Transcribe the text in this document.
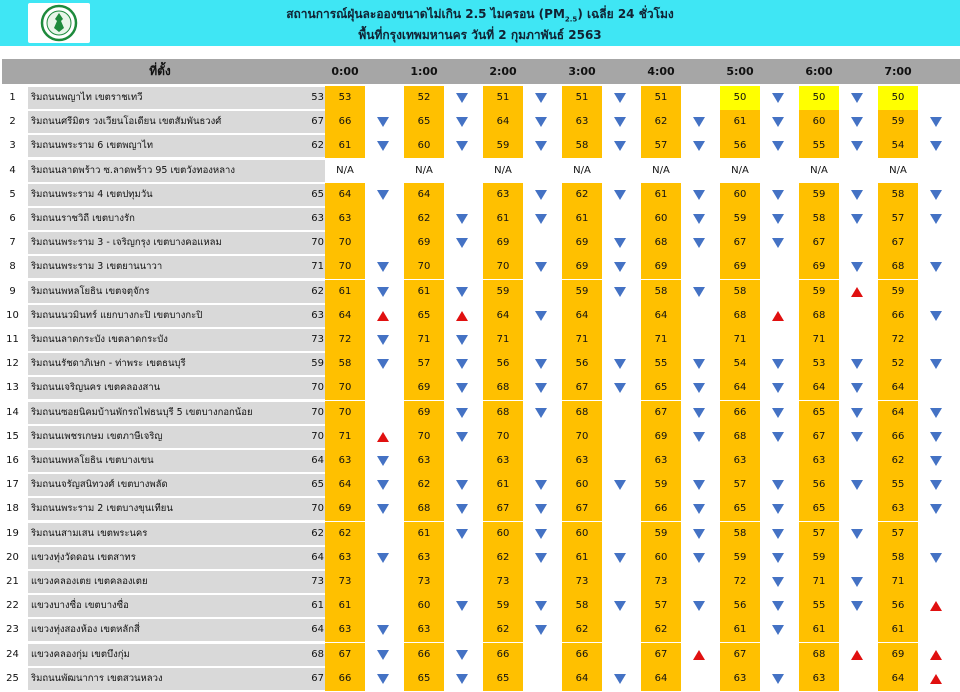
สถานการณ์ฝุ่นละอองขนาดไม่เกิน 2.5 ไมครอน $(PM_{2.5})$ เฉลี่ย 24 ชั่วโมง
พื้นที่กรุงเทพมหานคร วันที่ 2 กุมภาพันธ์ 2563
ที่ตั้ง	0:00	1:00	2:00	3:00	4:00	5:00	6:00	7:00
1	ริมถนนพญาไท เขตราชเทวี	53	53	52	51	51	51	50	50	50
2	ริมถนนศรีมิตร วงเวียนโอเดียน เขตสัมพันธวงศ์	67	66	65	64	63	62	61	60	59
3	ริมถนนพระราม 6 เขตพญาไท	62	61	60	59	58	57	56	55	54
4	ริมถนนลาดพร้าว ซ.ลาดพร้าว 95 เขตวังทองหลาง	N/A	N/A	N/A	N/A	N/A	N/A	N/A	N/A
5	ริมถนนพระราม 4 เขตปทุมวัน	65	64	64	63	62	61	60	59	58
6	ริมถนนราชวิถี เขตบางรัก	63	63	62	61	61	60	59	58	57
7	ริมถนนพระราม 3 - เจริญกรุง เขตบางคอแหลม	70	70	69	69	69	68	67	67	67
8	ริมถนนพระราม 3 เขตยานนาวา	71	70	70	70	69	69	69	69	68
9	ริมถนนพหลโยธิน เขตจตุจักร	62	61	61	59	59	58	58	59	59
10	ริมถนนนวมินทร์ แยกบางกะปิ เขตบางกะปิ	63	64	65	64	64	64	68	68	66
11	ริมถนนลาดกระบัง เขตลาดกระบัง	73	72	71	71	71	71	71	71	72
12	ริมถนนรัชดาภิเษก - ท่าพระ เขตธนบุรี	59	58	57	56	56	55	54	53	52
13	ริมถนนเจริญนคร เขตคลองสาน	70	70	69	68	67	65	64	64	64
14	ริมถนนซอยนิคมบ้านพักรถไฟธนบุรี 5 เขตบางกอกน้อย	70	70	69	68	68	67	66	65	64
15	ริมถนนเพชรเกษม เขตภาษีเจริญ	70	71	70	70	70	69	68	67	66
16	ริมถนนพหลโยธิน เขตบางเขน	64	63	63	63	63	63	63	63	62
17	ริมถนนจรัญสนิทวงศ์ เขตบางพลัด	65	64	62	61	60	59	57	56	55
18	ริมถนนพระราม 2 เขตบางขุนเทียน	70	69	68	67	67	66	65	65	63
19	ริมถนนสามเสน เขตพระนคร	62	62	61	60	60	59	58	57	57
20	แขวงทุ่งวัดดอน เขตสาทร	64	63	63	62	61	60	59	59	58
21	แขวงคลองเตย เขตคลองเตย	73	73	73	73	73	73	72	71	71
22	แขวงบางซื่อ เขตบางซื่อ	61	61	60	59	58	57	56	55	56
23	แขวงทุ่งสองห้อง เขตหลักสี่	64	63	63	62	62	62	61	61	61
24	แขวงคลองกุ่ม เขตบึงกุ่ม	68	67	66	66	66	67	67	68	69
25	ริมถนนพัฒนาการ เขตสวนหลวง	67	66	65	65	64	64	63	63	64
